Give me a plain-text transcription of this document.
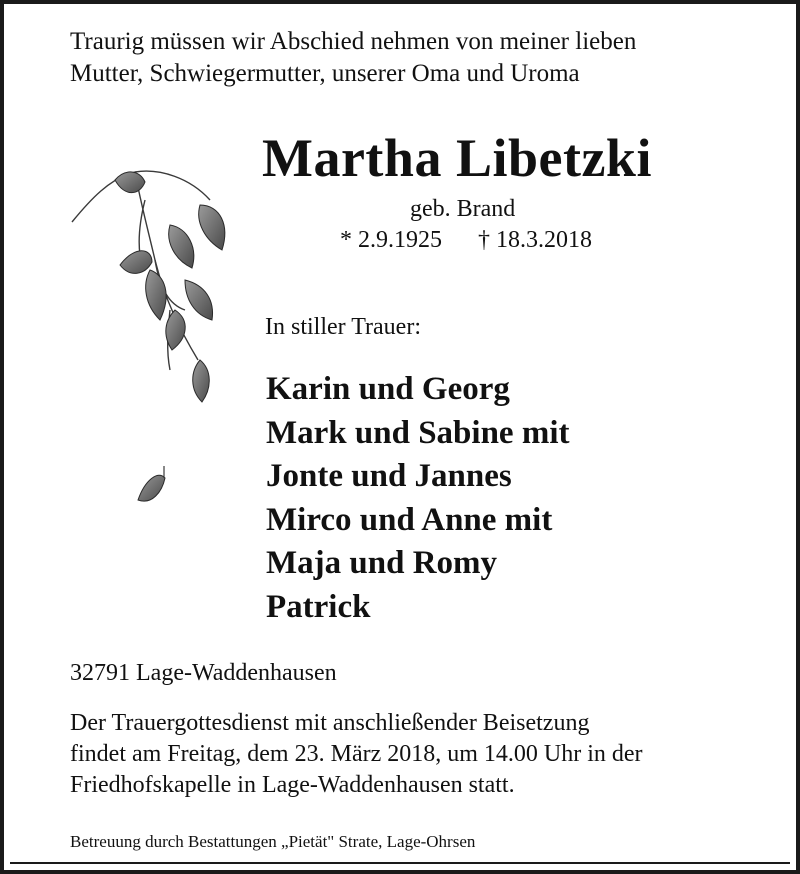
Traurig müssen wir Abschied nehmen von meiner lieben
Mutter, Schwiegermutter, unserer Oma und Uroma
Martha Libetzki
geb. Brand
* 2.9.1925 † 18.3.2018
In stiller Trauer:
Karin und Georg
Mark und Sabine mit
Jonte und Jannes
Mirco und Anne mit
Maja und Romy
Patrick
32791 Lage-Waddenhausen
Der Trauergottesdienst mit anschließender Beisetzung
findet am Freitag, dem 23. März 2018, um 14.00 Uhr in der
Friedhofskapelle in Lage-Waddenhausen statt.
Betreuung durch Bestattungen „Pietät" Strate, Lage-Ohrsen
